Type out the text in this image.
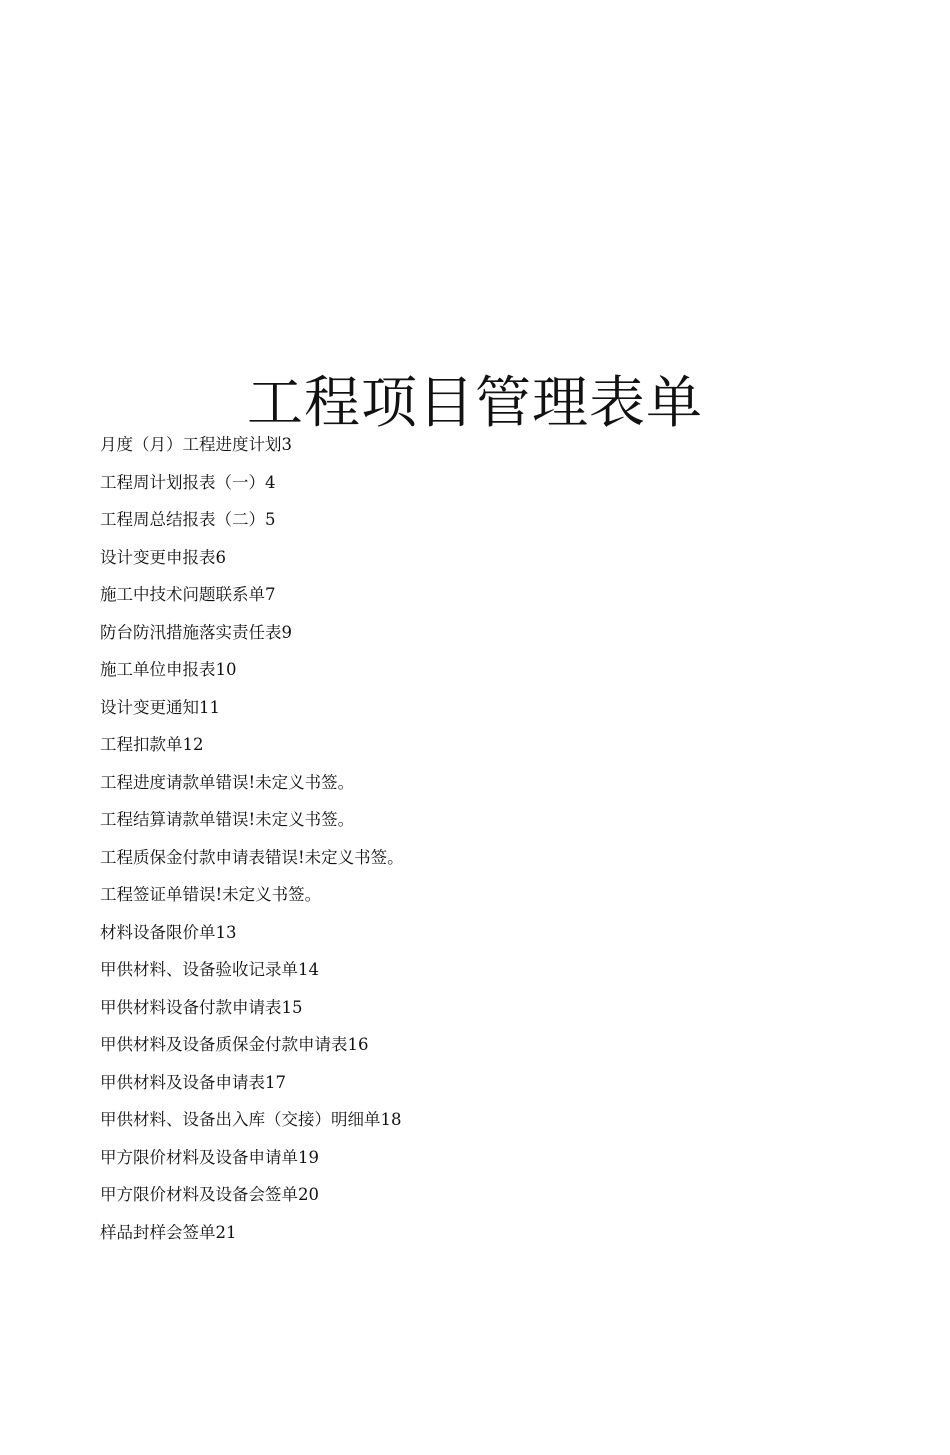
工程项目管理表单
月度（月）工程进度计划3
工程周计划报表（一）4
工程周总结报表（二）5
设计变更申报表6
施工中技术问题联系单7
防台防汛措施落实责任表9
施工单位申报表10
设计变更通知11
工程扣款单12
工程进度请款单错误!未定义书签。
工程结算请款单错误!未定义书签。
工程质保金付款申请表错误!未定义书签。
工程签证单错误!未定义书签。
材料设备限价单13
甲供材料、设备验收记录单14
甲供材料设备付款申请表15
甲供材料及设备质保金付款申请表16
甲供材料及设备申请表17
甲供材料、设备出入库（交接）明细单18
甲方限价材料及设备申请单19
甲方限价材料及设备会签单20
样品封样会签单21
